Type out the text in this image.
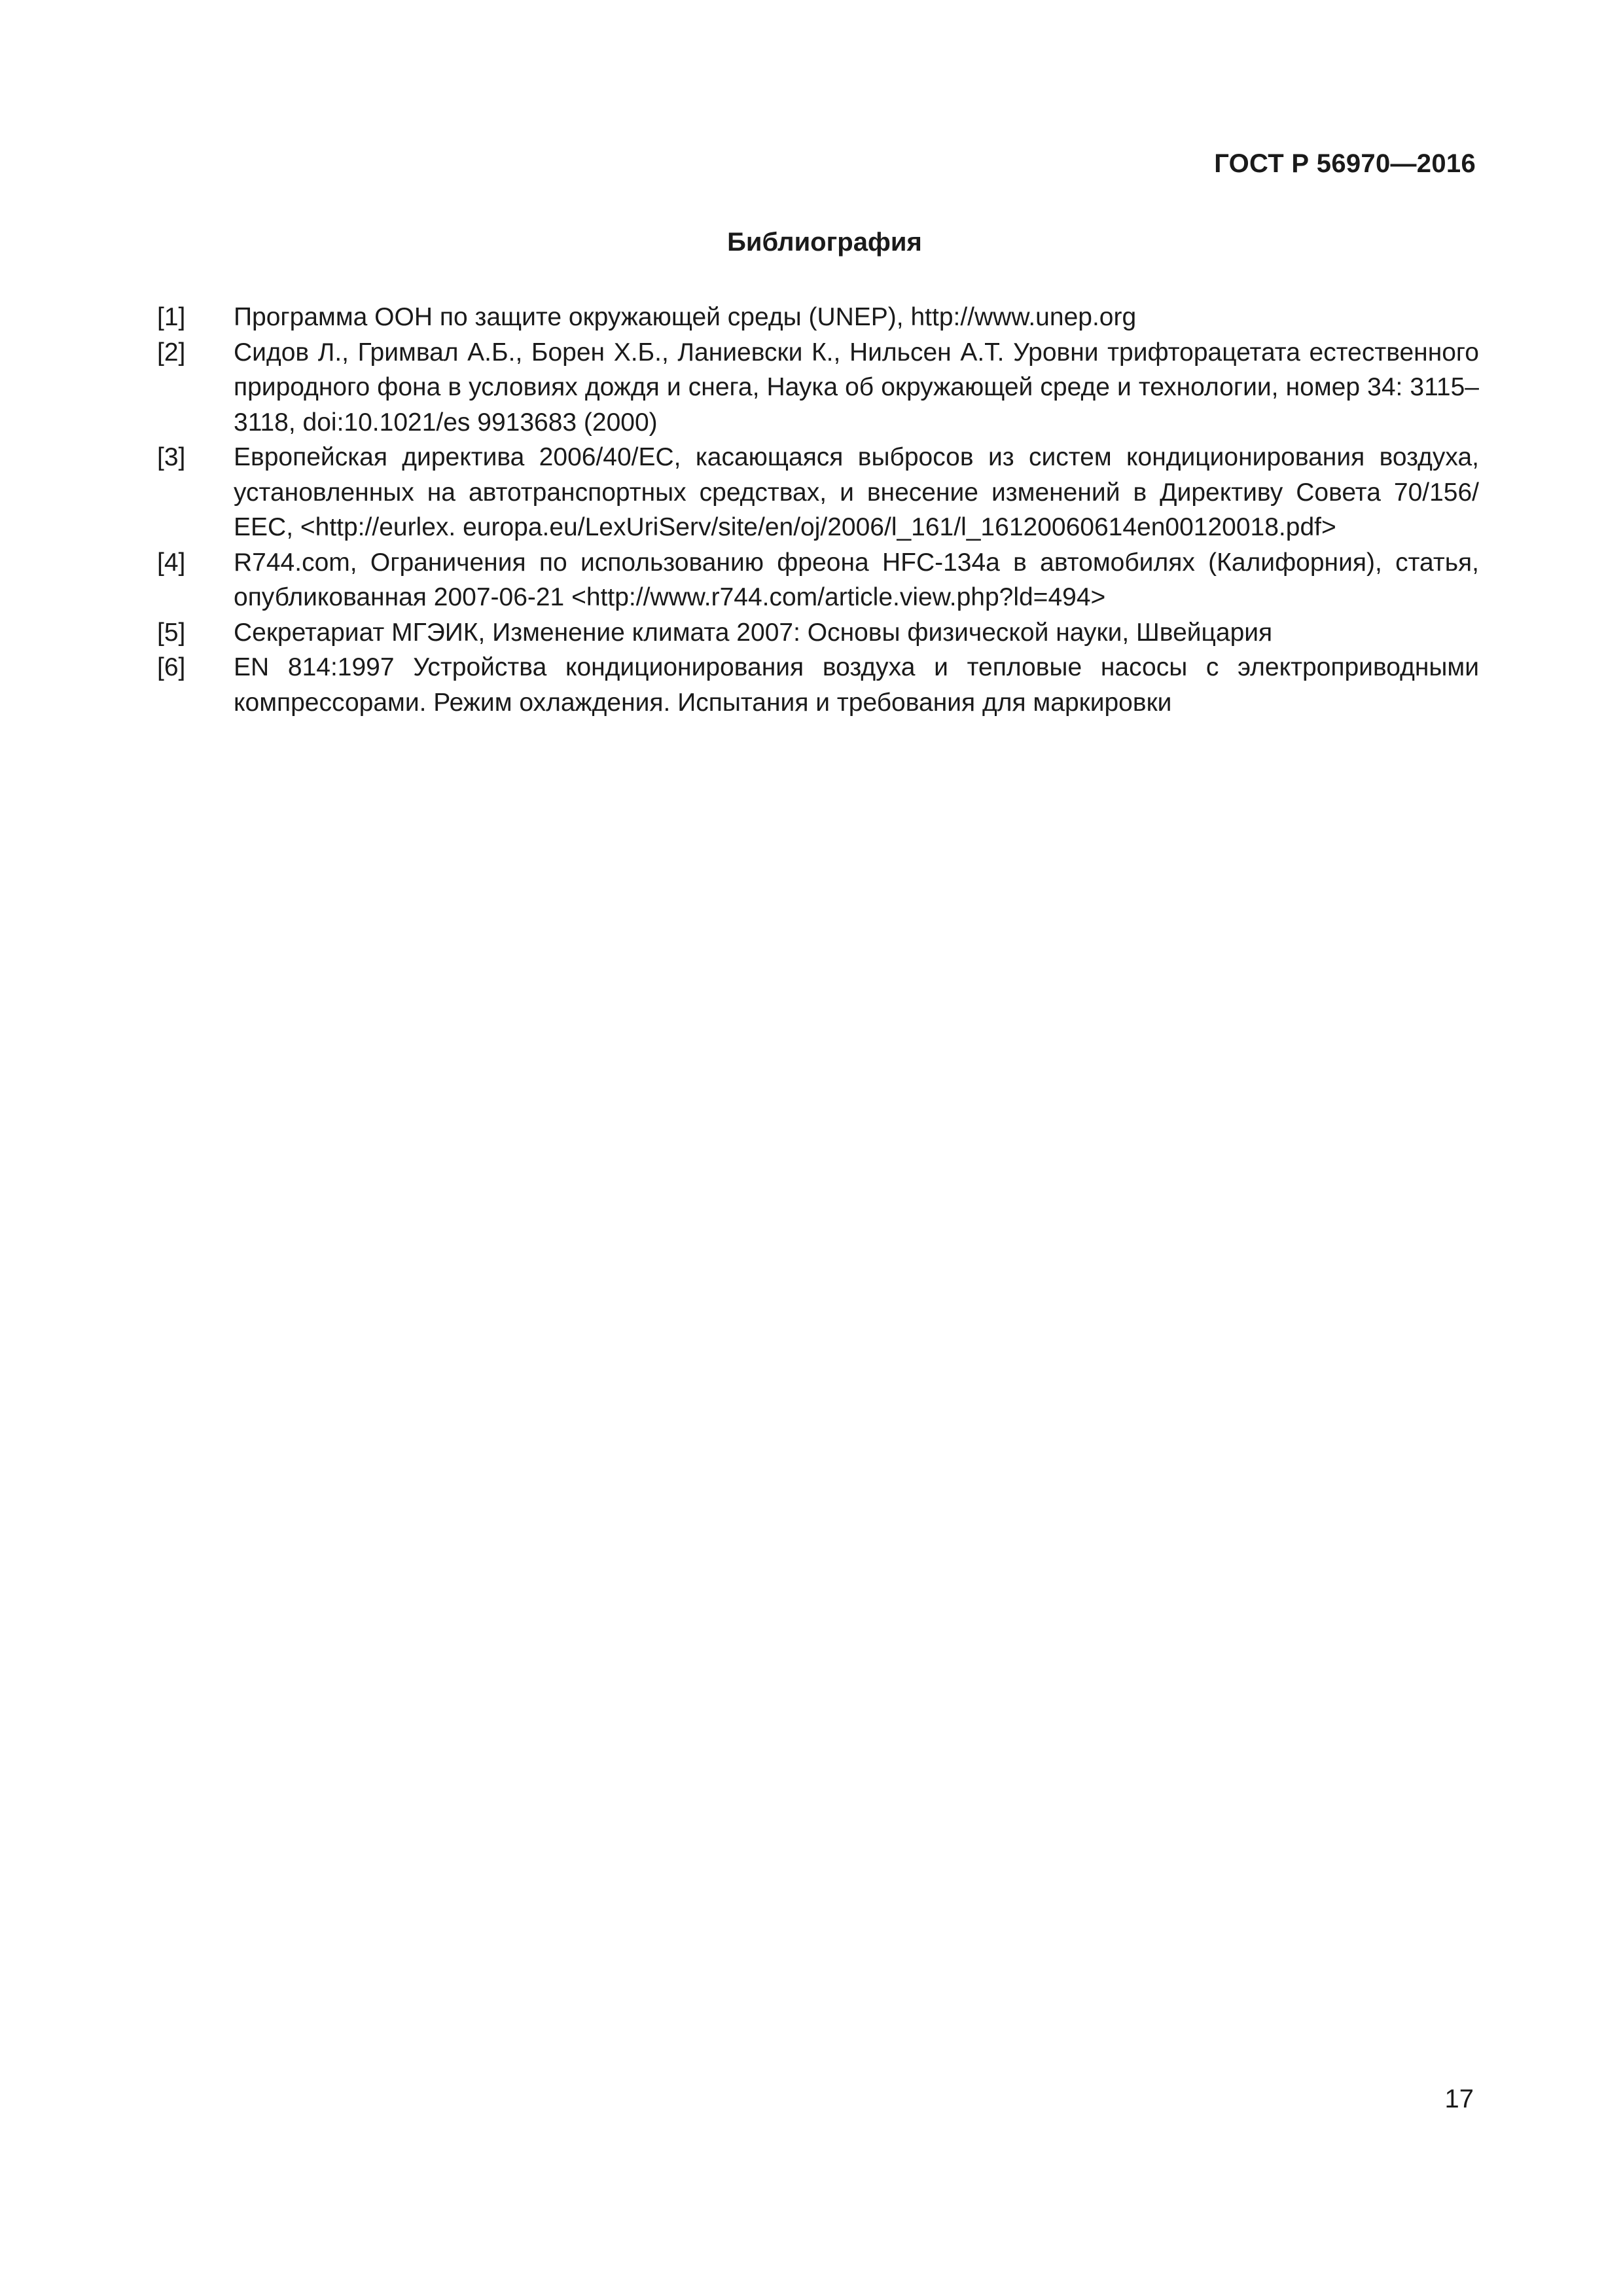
ГОСТ Р 56970—2016
Библиография
[1] Программа ООН по защите окружающей среды (UNEP), http://www.unep.org
[2] Сидов Л., Гримвал А.Б., Борен Х.Б., Ланиевски К., Нильсен А.Т. Уровни трифторацетата естественного природного фона в условиях дождя и снега, Наука об окружающей среде и технологии, номер 34: 3115–3118, doi:10.1021/es 9913683 (2000)
[3] Европейская директива 2006/40/ЕС, касающаяся выбросов из систем кондиционирования воздуха, установленных на автотранспортных средствах, и внесение изменений в Директиву Совета 70/156/ EEC, <http://eurlex. europa.eu/LexUriServ/site/en/oj/2006/l_161/l_16120060614en00120018.pdf>
[4] R744.com, Ограничения по использованию фреона HFC-134a в автомобилях (Калифорния), статья, опубликованная 2007-06-21 <http://www.r744.com/article.view.php?ld=494>
[5] Секретариат МГЭИК, Изменение климата 2007: Основы физической науки, Швейцария
[6] EN 814:1997 Устройства кондиционирования воздуха и тепловые насосы с электроприводными компрессорами. Режим охлаждения. Испытания и требования для маркировки
17
